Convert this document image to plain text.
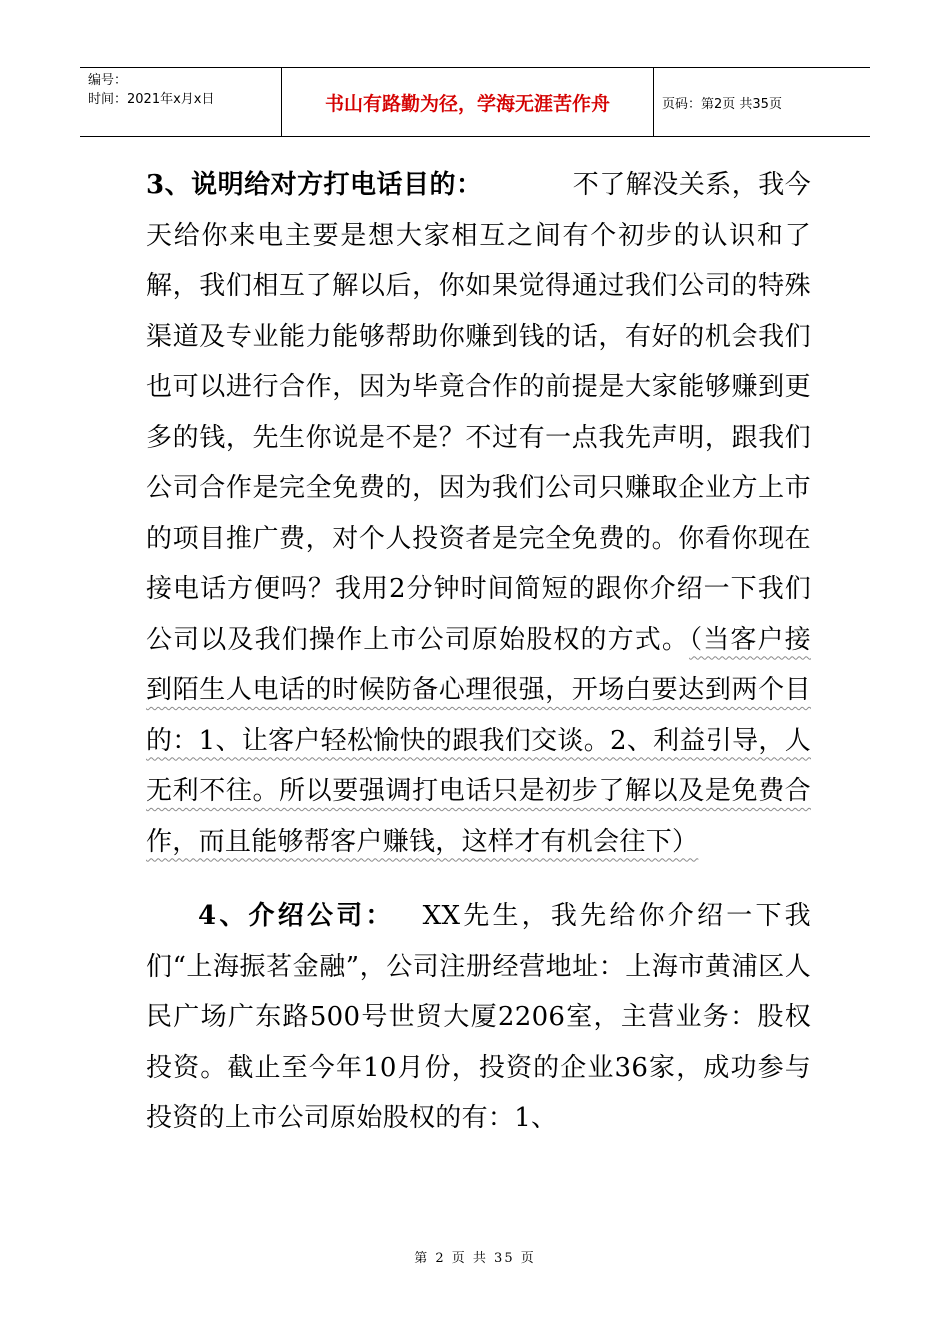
编号：
时间：2021年x月x日	书山有路勤为径，学海无涯苦作舟	页码：第2页 共35页

3、说明给对方打电话目的：	不了解没关系，我今天给你来电主要是想大家相互之间有个初步的认识和了解，我们相互了解以后，你如果觉得通过我们公司的特殊渠道及专业能力能够帮助你赚到钱的话，有好的机会我们也可以进行合作，因为毕竟合作的前提是大家能够赚到更多的钱，先生你说是不是？不过有一点我先声明，跟我们公司合作是完全免费的，因为我们公司只赚取企业方上市的项目推广费，对个人投资者是完全免费的。你看你现在接电话方便吗？我用2分钟时间简短的跟你介绍一下我们公司以及我们操作上市公司原始股权的方式。（当客户接到陌生人电话的时候防备心理很强，开场白要达到两个目的：1、让客户轻松愉快的跟我们交谈。2、利益引导，人无利不往。所以要强调打电话只是初步了解以及是免费合作，而且能够帮客户赚钱，这样才有机会往下）

4、介绍公司： XX先生，我先给你介绍一下我们“上海振茗金融”，公司注册经营地址：上海市黄浦区人民广场广东路500号世贸大厦2206室，主营业务：股权投资。截止至今年10月份，投资的企业36家，成功参与投资的上市公司原始股权的有：1、

第 2 页 共 35 页
